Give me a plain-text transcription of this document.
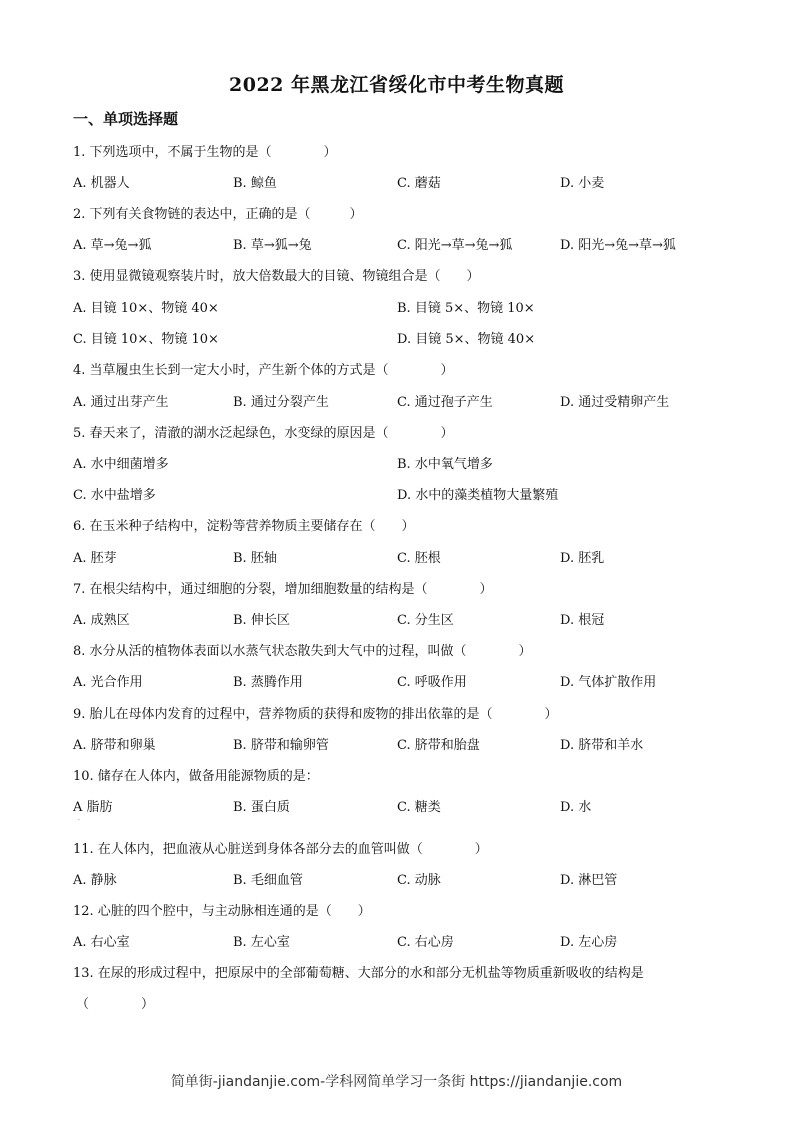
2022 年黑龙江省绥化市中考生物真题
一、单项选择题
1. 下列选项中，不属于生物的是（　　　　）
A. 机器人	B. 鲸鱼	C. 蘑菇	D. 小麦
2. 下列有关食物链的表达中，正确的是（　　　）
A. 草→兔→狐	B. 草→狐→兔	C. 阳光→草→兔→狐	D. 阳光→兔→草→狐
3. 使用显微镜观察装片时，放大倍数最大的目镜、物镜组合是（　　）
A. 目镜 10×、物镜 40×	B. 目镜 5×、物镜 10×
C. 目镜 10×、物镜 10×	D. 目镜 5×、物镜 40×
4. 当草履虫生长到一定大小时，产生新个体的方式是（　　　　）
A. 通过出芽产生	B. 通过分裂产生	C. 通过孢子产生	D. 通过受精卵产生
5. 春天来了，清澈的湖水泛起绿色，水变绿的原因是（　　　　）
A. 水中细菌增多	B. 水中氧气增多
C. 水中盐增多	D. 水中的藻类植物大量繁殖
6. 在玉米种子结构中，淀粉等营养物质主要储存在（　　）
A. 胚芽	B. 胚轴	C. 胚根	D. 胚乳
7. 在根尖结构中，通过细胞的分裂，增加细胞数量的结构是（　　　　）
A. 成熟区	B. 伸长区	C. 分生区	D. 根冠
8. 水分从活的植物体表面以水蒸气状态散失到大气中的过程，叫做（　　　　）
A. 光合作用	B. 蒸腾作用	C. 呼吸作用	D. 气体扩散作用
9. 胎儿在母体内发育的过程中，营养物质的获得和废物的排出依靠的是（　　　　）
A. 脐带和卵巢	B. 脐带和输卵管	C. 脐带和胎盘	D. 脐带和羊水
10. 储存在人体内，做备用能源物质的是：
A 脂肪	B. 蛋白质	C. 糖类	D. 水
·
11. 在人体内，把血液从心脏送到身体各部分去的血管叫做（　　　　）
A. 静脉	B. 毛细血管	C. 动脉	D. 淋巴管
12. 心脏的四个腔中，与主动脉相连通的是（　　）
A. 右心室	B. 左心室	C. 右心房	D. 左心房
13. 在尿的形成过程中，把原尿中的全部葡萄糖、大部分的水和部分无机盐等物质重新吸收的结构是
（　　　　）
简单街-jiandanjie.com-学科网简单学习一条街 https://jiandanjie.com
